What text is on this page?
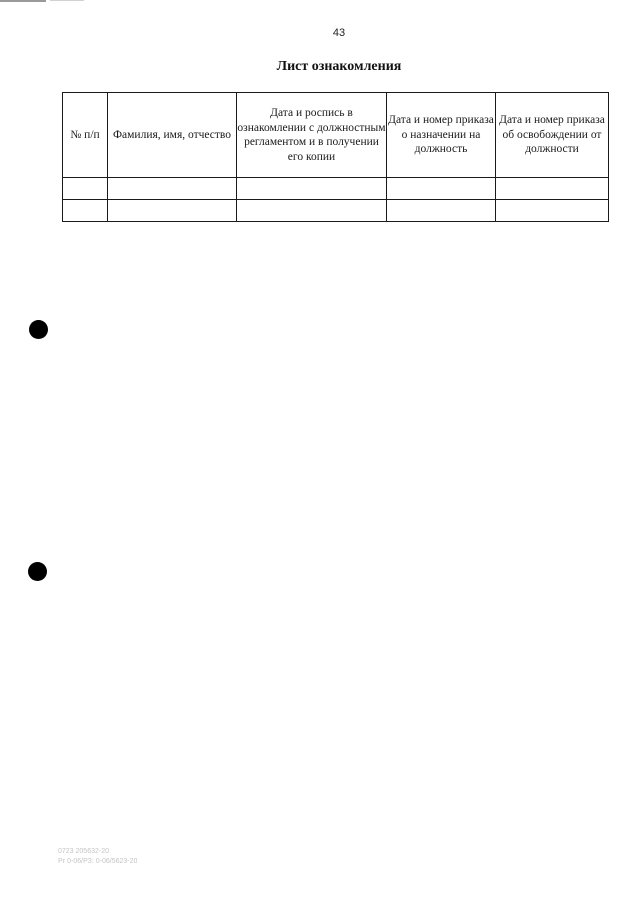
43
Лист ознакомления
№ п/п	Фамилия, имя, отчество	Дата и роспись в ознакомлении с должностным регламентом и в получении его копии	Дата и номер приказа о назначении на должность	Дата и номер приказа об освобождении от должности

0723 205632-20
Рг 0-06/РЗ: 0-06/5623-20
